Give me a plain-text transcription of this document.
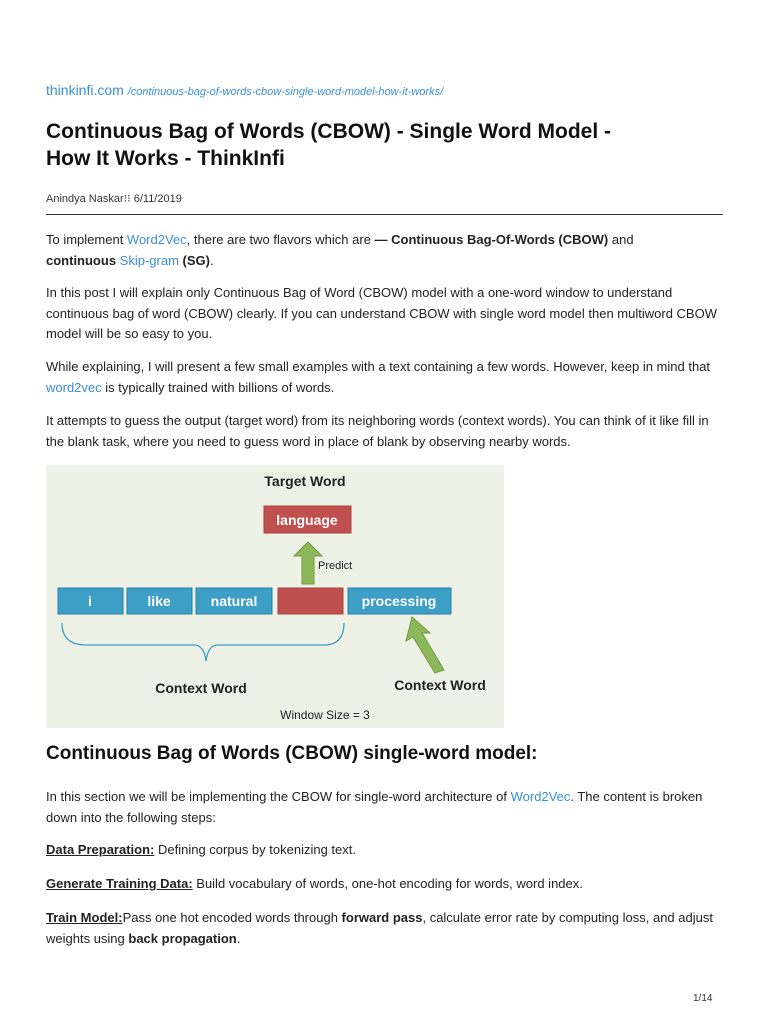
thinkinfi.com /continuous-bag-of-words-cbow-single-word-model-how-it-works/
Continuous Bag of Words (CBOW) - Single Word Model -
How It Works - ThinkInfi
Anindya Naskar⁝⁝ 6/11/2019

To implement Word2Vec, there are two flavors which are — Continuous Bag-Of-Words (CBOW) and
continuous Skip-gram (SG).

In this post I will explain only Continuous Bag of Word (CBOW) model with a one-word window to understand continuous bag of word (CBOW) clearly. If you can understand CBOW with single word model then multiword CBOW model will be so easy to you.

While explaining, I will present a few small examples with a text containing a few words. However, keep in mind that word2vec is typically trained with billions of words.

It attempts to guess the output (target word) from its neighboring words (context words). You can think of it like fill in the blank task, where you need to guess word in place of blank by observing nearby words.

Target Word
language
Predict
i	like	natural	processing
Context Word	Context Word
Window Size = 3
Continuous Bag of Words (CBOW) single-word model:

In this section we will be implementing the CBOW for single-word architecture of Word2Vec. The content is broken down into the following steps:

Data Preparation: Defining corpus by tokenizing text.

Generate Training Data: Build vocabulary of words, one-hot encoding for words, word index.

Train Model:Pass one hot encoded words through forward pass, calculate error rate by computing loss, and adjust weights using back propagation.

1/14
